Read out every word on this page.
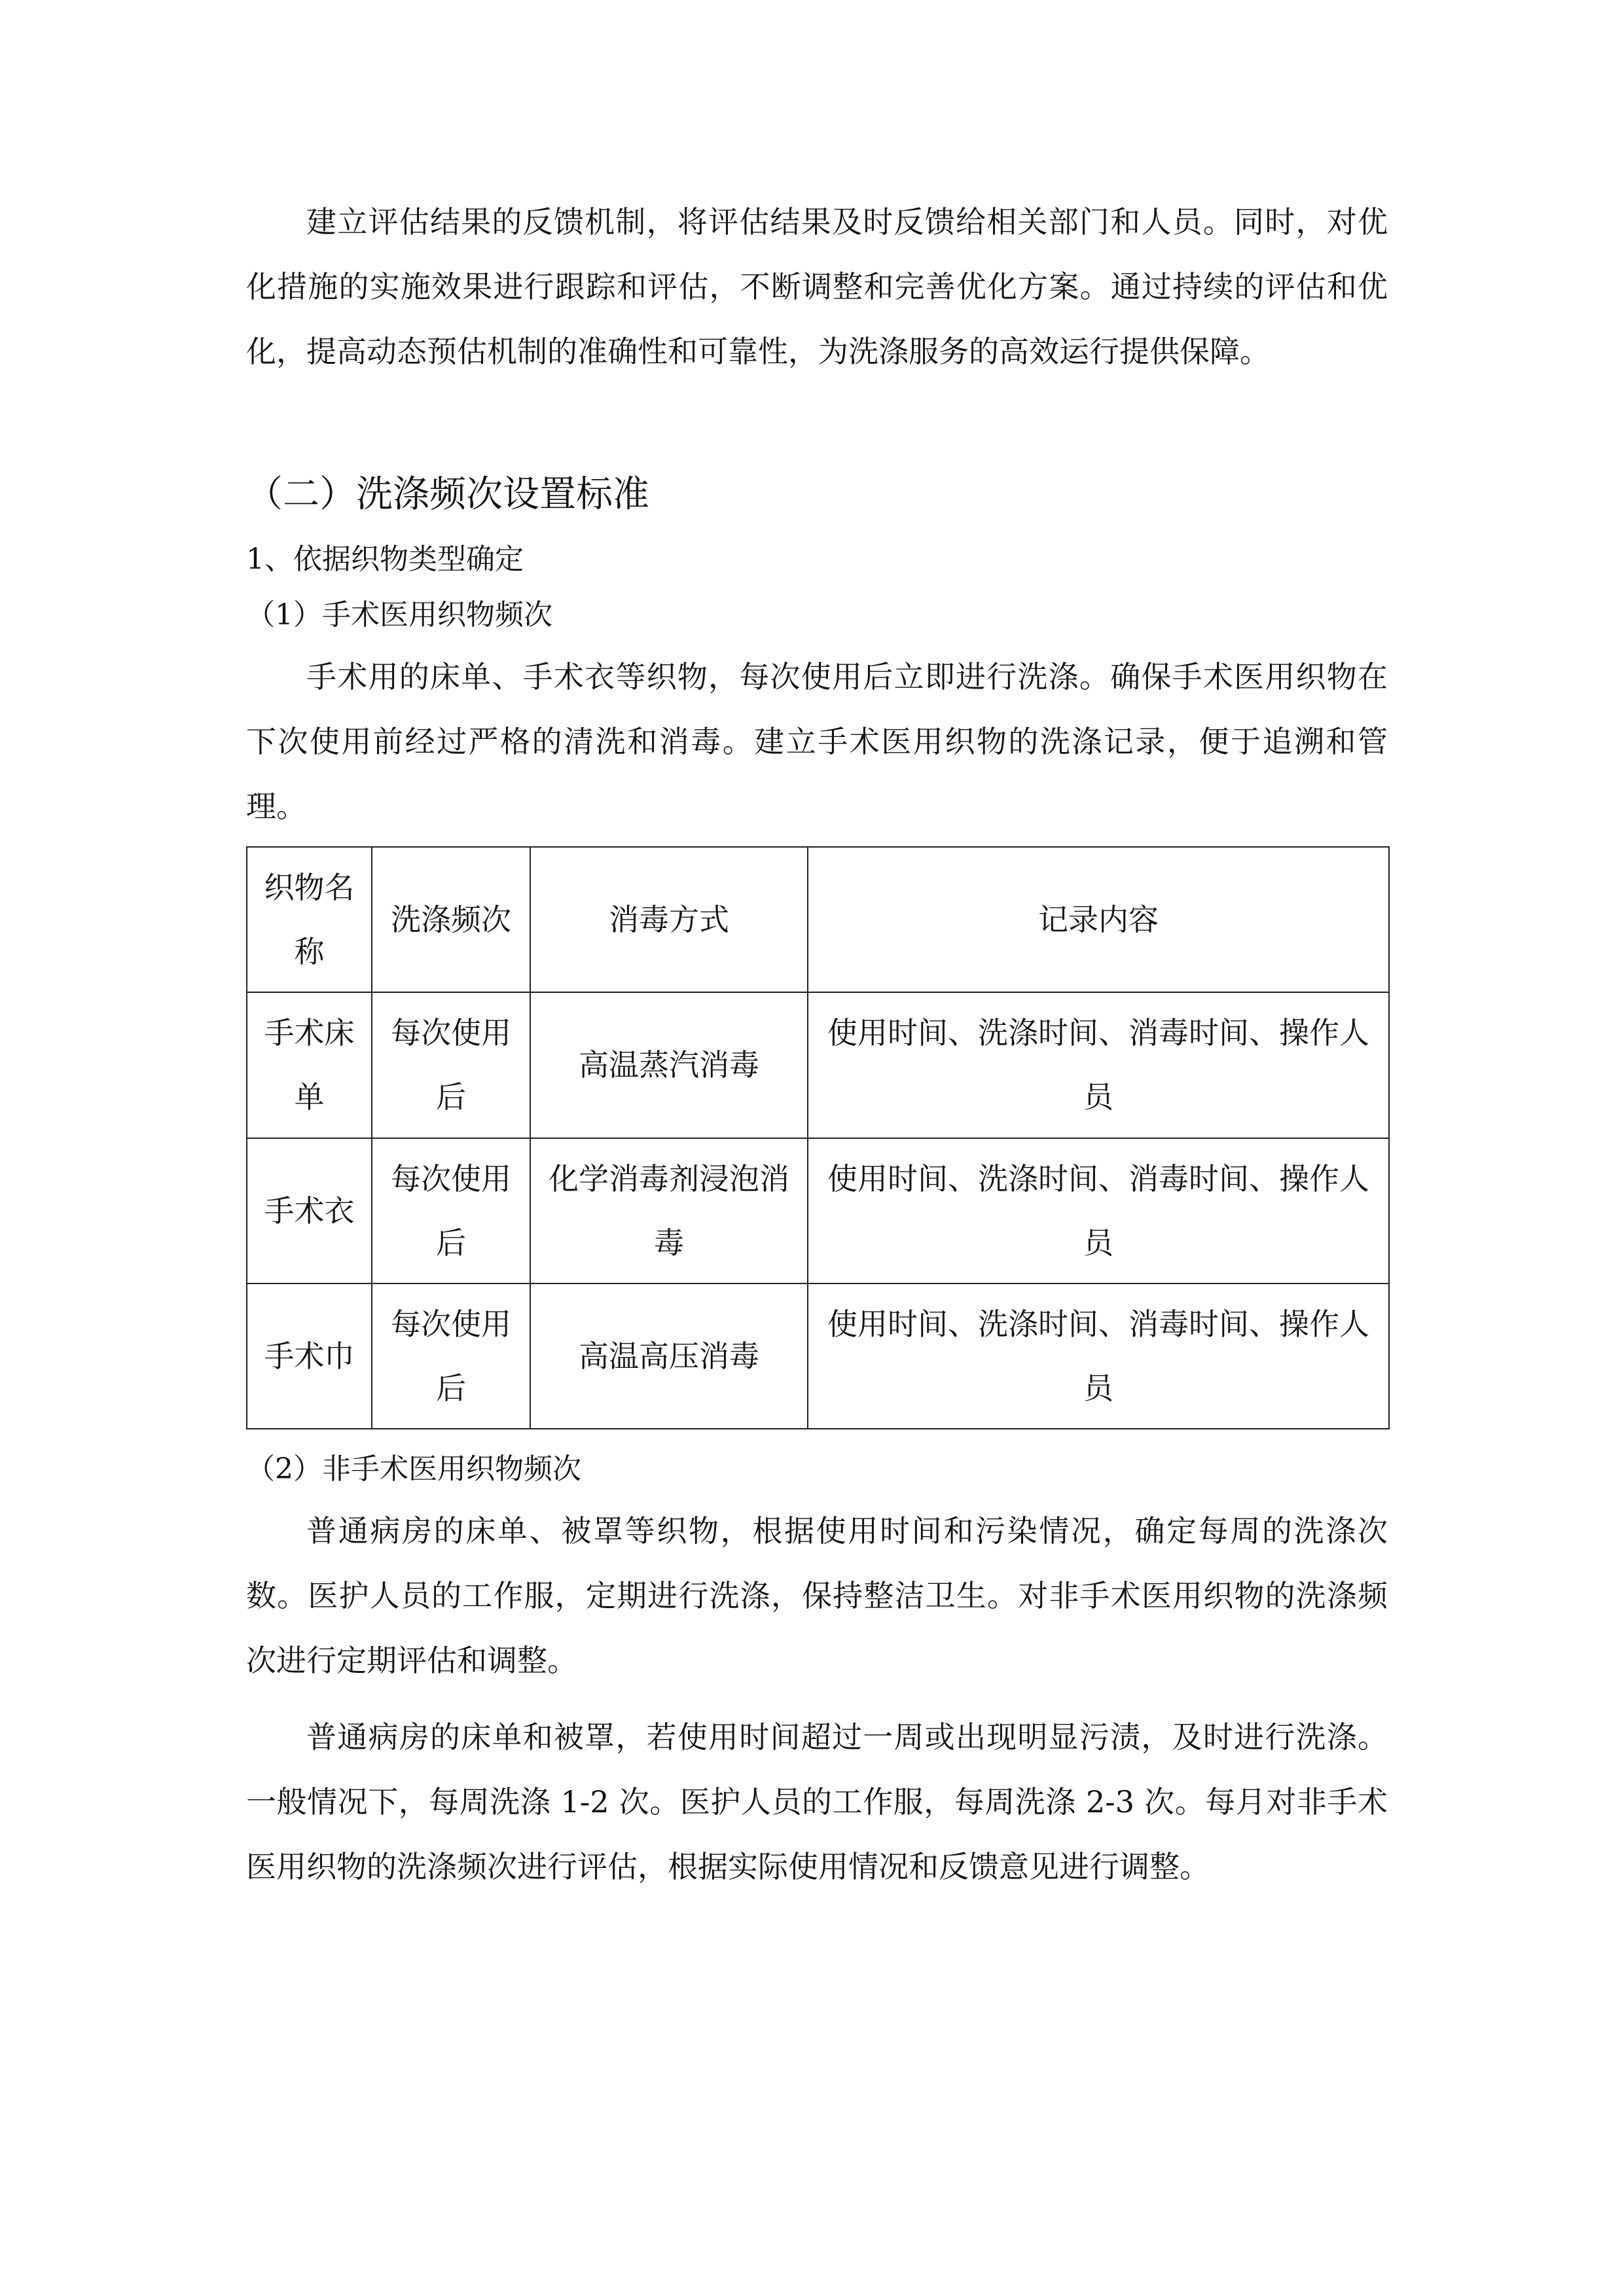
建立评估结果的反馈机制，将评估结果及时反馈给相关部门和人员。同时，对优化措施的实施效果进行跟踪和评估，不断调整和完善优化方案。通过持续的评估和优化，提高动态预估机制的准确性和可靠性，为洗涤服务的高效运行提供保障。

（二）洗涤频次设置标准
1、依据织物类型确定
（1）手术医用织物频次

手术用的床单、手术衣等织物，每次使用后立即进行洗涤。确保手术医用织物在下次使用前经过严格的清洗和消毒。建立手术医用织物的洗涤记录，便于追溯和管理。

织物名称	洗涤频次	消毒方式	记录内容
手术床单	每次使用后	高温蒸汽消毒	使用时间、洗涤时间、消毒时间、操作人员
手术衣	每次使用后	化学消毒剂浸泡消毒	使用时间、洗涤时间、消毒时间、操作人员
手术巾	每次使用后	高温高压消毒	使用时间、洗涤时间、消毒时间、操作人员
（2）非手术医用织物频次

普通病房的床单、被罩等织物，根据使用时间和污染情况，确定每周的洗涤次数。医护人员的工作服，定期进行洗涤，保持整洁卫生。对非手术医用织物的洗涤频次进行定期评估和调整。

普通病房的床单和被罩，若使用时间超过一周或出现明显污渍，及时进行洗涤。一般情况下，每周洗涤 1-2 次。医护人员的工作服，每周洗涤 2-3 次。每月对非手术医用织物的洗涤频次进行评估，根据实际使用情况和反馈意见进行调整。
